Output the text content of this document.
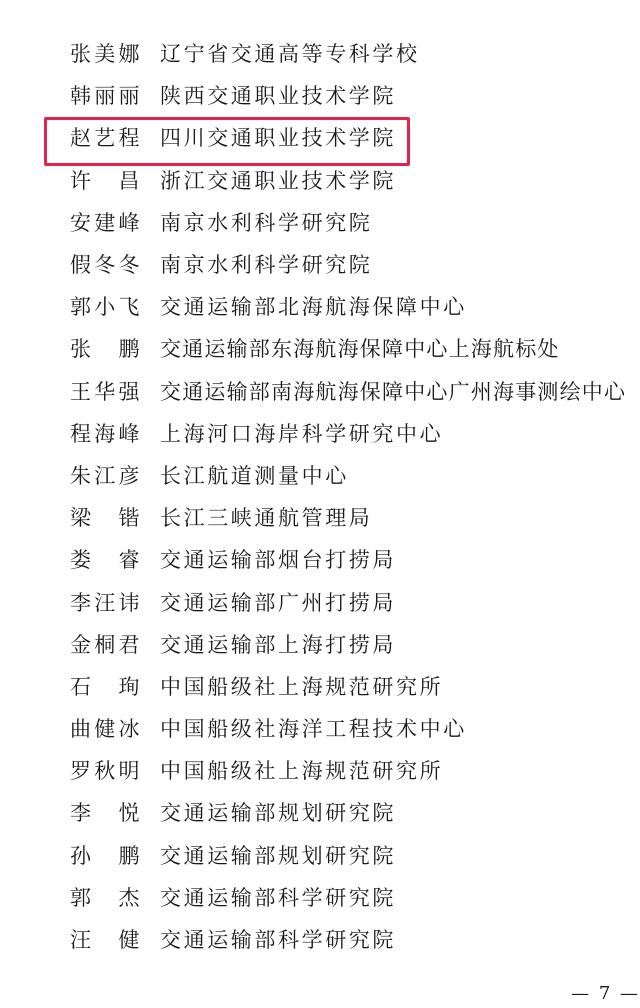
张 美 娜 辽宁省交通高等专科学校
韩 丽 丽 陕西交通职业技术学院
赵 艺 程 四川交通职业技术学院
许
　 昌 浙江交通职业技术学院
安 建 峰 南京水利科学研究院
假 冬 冬 南京水利科学研究院
郭 小 飞 交通运输部北海航海保障中心
张
　 鹏 交通运输部东海航海保障中心上海航标处
王 华 强 交通运输部南海航海保障中心广州海事测绘中心
程 海 峰 上海河口海岸科学研究中心
朱 江 彦 长江航道测量中心
梁
　 锴 长江三峡通航管理局
娄
　 睿 交通运输部烟台打捞局
李 汪 讳 交通运输部广州打捞局
金 桐 君 交通运输部上海打捞局
石
　 珣 中国船级社上海规范研究所
曲 健 冰 中国船级社海洋工程技术中心
罗 秋 明 中国船级社上海规范研究所
李
　 悦 交通运输部规划研究院
孙
　 鹏 交通运输部规划研究院
郭
　 杰 交通运输部科学研究院
汪
　 健 交通运输部科学研究院
— 7 —
